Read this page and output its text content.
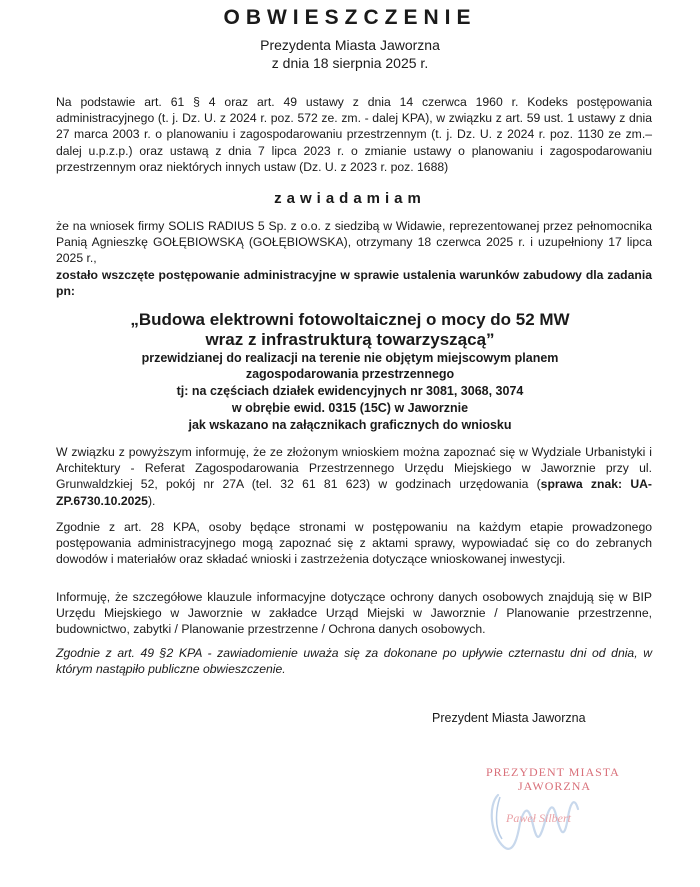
OBWIESZCZENIE
Prezydenta Miasta Jaworzna
z dnia 18 sierpnia 2025 r.

Na podstawie art. 61 § 4 oraz art. 49 ustawy z dnia 14 czerwca 1960 r. Kodeks postępowania administracyjnego (t. j. Dz. U. z 2024 r. poz. 572 ze. zm. - dalej KPA), w związku z art. 59 ust. 1 ustawy z dnia 27 marca 2003 r. o planowaniu i zagospodarowaniu przestrzennym (t. j. Dz. U. z 2024 r. poz. 1130 ze zm.– dalej u.p.z.p.) oraz ustawą z dnia 7 lipca 2023 r. o zmianie ustawy o planowaniu i zagospodarowaniu przestrzennym oraz niektórych innych ustaw (Dz. U. z 2023 r. poz. 1688)

zawiadamiam

że na wniosek firmy SOLIS RADIUS 5 Sp. z o.o. z siedzibą w Widawie, reprezentowanej przez pełnomocnika Panią Agnieszkę GOŁĘBIOWSKĄ (GOŁĘBIOWSKA), otrzymany 18 czerwca 2025 r. i uzupełniony 17 lipca 2025 r.,
zostało wszczęte postępowanie administracyjne w sprawie ustalenia warunków zabudowy dla zadania pn:

„Budowa elektrowni fotowoltaicznej o mocy do 52 MW
wraz z infrastrukturą towarzyszącą”
przewidzianej do realizacji na terenie nie objętym miejscowym planem
zagospodarowania przestrzennego
tj: na częściach działek ewidencyjnych nr 3081, 3068, 3074
w obrębie ewid. 0315 (15C) w Jaworznie
jak wskazano na załącznikach graficznych do wniosku

W związku z powyższym informuję, że ze złożonym wnioskiem można zapoznać się w Wydziale Urbanistyki i Architektury - Referat Zagospodarowania Przestrzennego Urzędu Miejskiego w Jaworznie przy ul. Grunwaldzkiej 52, pokój nr 27A (tel. 32 61 81 623) w godzinach urzędowania (sprawa znak: UA-ZP.6730.10.2025).

Zgodnie z art. 28 KPA, osoby będące stronami w postępowaniu na każdym etapie prowadzonego postępowania administracyjnego mogą zapoznać się z aktami sprawy, wypowiadać się co do zebranych dowodów i materiałów oraz składać wnioski i zastrzeżenia dotyczące wnioskowanej inwestycji.

Informuję, że szczegółowe klauzule informacyjne dotyczące ochrony danych osobowych znajdują się w BIP Urzędu Miejskiego w Jaworznie w zakładce Urząd Miejski w Jaworznie / Planowanie przestrzenne, budownictwo, zabytki / Planowanie przestrzenne / Ochrona danych osobowych.

Zgodnie z art. 49 §2 KPA - zawiadomienie uważa się za dokonane po upływie czternastu dni od dnia, w którym nastąpiło publiczne obwieszczenie.

Prezydent Miasta Jaworzna
PREZYDENT MIASTA
JAWORZNA
Paweł Silbert
